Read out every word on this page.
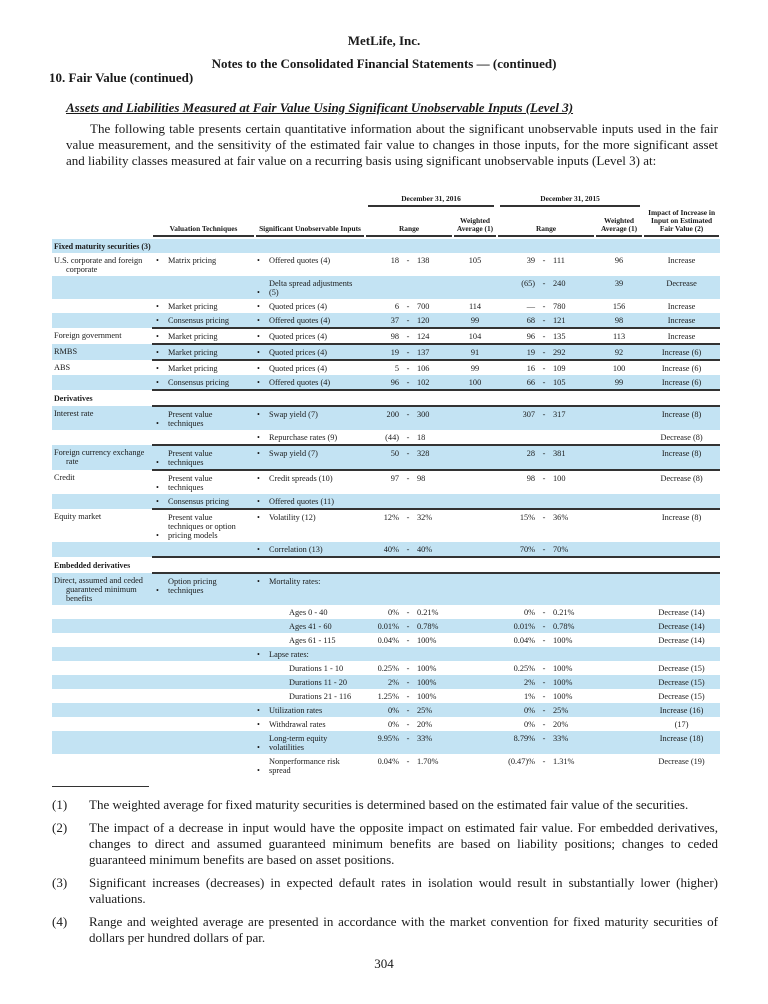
MetLife, Inc.
Notes to the Consolidated Financial Statements — (continued)
10. Fair Value (continued)
Assets and Liabilities Measured at Fair Value Using Significant Unobservable Inputs (Level 3)
The following table presents certain quantitative information about the significant unobservable inputs used in the fair value measurement, and the sensitivity of the estimated fair value to changes in those inputs, for the more significant asset and liability classes measured at fair value on a recurring basis using significant unobservable inputs (Level 3) at:

			December 31, 2016				December 31, 2015				

	Valuation Techniques	Significant Unobservable Inputs	Range			Weighted Average (1)	Range			Weighted Average (1)	Impact of Increase in Input on Estimated Fair Value (2)

Fixed maturity securities (3)											

U.S. corporate and foreign corporate	• Matrix pricing	• Offered quotes (4)	18	-	138	105	39	-	111	96	Increase
		•Delta spread adjustments (5)					(65)	-	240	39	Decrease
	• Market pricing	• Quoted prices (4)	6	-	700	114	—	-	780	156	Increase
	• Consensus pricing	• Offered quotes (4)	37	-	120	99	68	-	121	98	Increase

Foreign government	• Market pricing	• Quoted prices (4)	98	-	124	104	96	-	135	113	Increase

RMBS	• Market pricing	• Quoted prices (4)	19	-	137	91	19	-	292	92	Increase (6)

ABS	• Market pricing	• Quoted prices (4)	5	-	106	99	16	-	109	100	Increase (6)
	• Consensus pricing	• Offered quotes (4)	96	-	102	100	66	-	105	99	Increase (6)
Derivatives											

Interest rate	•Present value techniques	• Swap yield (7)	200	-	300		307	-	317		Increase (8)
		• Repurchase rates (9)	(44)	-	18						Decrease (8)

Foreign currency exchange rate	•Present value techniques	• Swap yield (7)	50	-	328		28	-	381		Increase (8)

Credit	•Present value techniques	• Credit spreads (10)	97	-	98		98	-	100		Decrease (8)
	• Consensus pricing	• Offered quotes (11)									

Equity market	•Present value techniques or option pricing models	• Volatility (12)	12%	-	32%		15%	-	36%		Increase (8)
		• Correlation (13)	40%	-	40%		70%	-	70%		
Embedded derivatives											

Direct, assumed and ceded guaranteed minimum benefits	•Option pricing techniques	• Mortality rates:									
		Ages 0 - 40	0%	-	0.21%		0%	-	0.21%		Decrease (14)
		Ages 41 - 60	0.01%	-	0.78%		0.01%	-	0.78%		Decrease (14)
		Ages 61 - 115	0.04%	-	100%		0.04%	-	100%		Decrease (14)
		• Lapse rates:									
		Durations 1 - 10	0.25%	-	100%		0.25%	-	100%		Decrease (15)
		Durations 11 - 20	2%	-	100%		2%	-	100%		Decrease (15)
		Durations 21 - 116	1.25%	-	100%		1%	-	100%		Decrease (15)
		• Utilization rates	0%	-	25%		0%	-	25%		Increase (16)
		• Withdrawal rates	0%	-	20%		0%	-	20%		(17)
		•Long-term equity volatilities	9.95%	-	33%		8.79%	-	33%		Increase (18)
		•Nonperformance risk spread	0.04%	-	1.70%		(0.47)%	-	1.31%		Decrease (19)
(1)	The weighted average for fixed maturity securities is determined based on the estimated fair value of the securities.
(2)	The impact of a decrease in input would have the opposite impact on estimated fair value. For embedded derivatives, changes to direct and assumed guaranteed minimum benefits are based on liability positions; changes to ceded guaranteed minimum benefits are based on asset positions.
(3)	Significant increases (decreases) in expected default rates in isolation would result in substantially lower (higher) valuations.
(4)	Range and weighted average are presented in accordance with the market convention for fixed maturity securities of dollars per hundred dollars of par.
304
